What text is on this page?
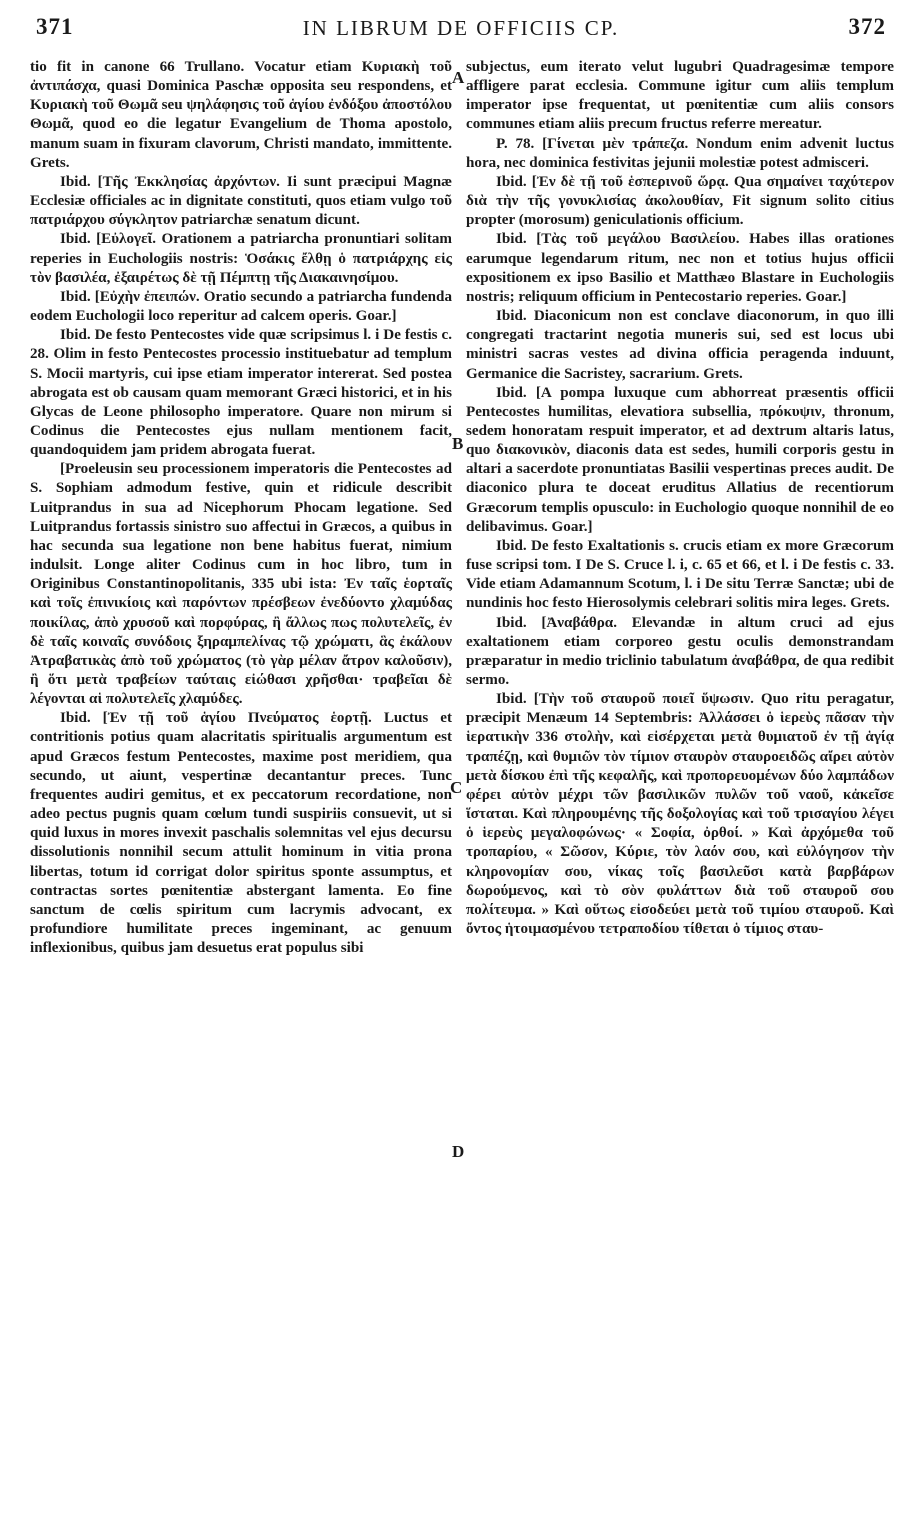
371	IN LIBRUM DE OFFICIIS CP.	372

tio fit in canone 66 Trullano. Vocatur etiam Κυριακὴ τοῦ ἀντιπάσχα, quasi Dominica Paschæ opposita seu respondens, et Κυριακὴ τοῦ Θωμᾶ seu ψηλάφησις τοῦ ἁγίου ἐνδόξου ἀποστόλου Θωμᾶ, quod eo die legatur Evangelium de Thoma apostolo, manum suam in fixuram clavorum, Christi mandato, immittente. Grets.

Ibid. [Τῆς Ἐκκλησίας ἀρχόντων. Ii sunt præcipui Magnæ Ecclesiæ officiales ac in dignitate constituti, quos etiam vulgo τοῦ πατριάρχου σύγκλητον patriarchæ senatum dicunt.

Ibid. [Εὐλογεῖ. Orationem a patriarcha pronuntiari solitam reperies in Euchologiis nostris: Ὁσάκις ἔλθῃ ὁ πατριάρχης εἰς τὸν βασιλέα, ἐξαιρέτως δὲ τῇ Πέμπτῃ τῆς Διακαινησίμου.

Ibid. [Εὐχὴν ἐπειπών. Oratio secundo a patriarcha fundenda eodem Euchologii loco reperitur ad calcem operis. Goar.]

Ibid. De festo Pentecostes vide quæ scripsimus l. i De festis c. 28. Olim in festo Pentecostes processio instituebatur ad templum S. Mocii martyris, cui ipse etiam imperator intererat. Sed postea abrogata est ob causam quam memorant Græci historici, et in his Glycas de Leone philosopho imperatore. Quare non mirum si Codinus die Pentecostes ejus nullam mentionem facit, quandoquidem jam pridem abrogata fuerat.

[Proeleusin seu processionem imperatoris die Pentecostes ad S. Sophiam admodum festive, quin et ridicule describit Luitprandus in sua ad Nicephorum Phocam legatione. Sed Luitprandus fortassis sinistro suo affectui in Græcos, a quibus in hac secunda sua legatione non bene habitus fuerat, nimium indulsit. Longe aliter Codinus cum in hoc libro, tum in Originibus Constantinopolitanis, 335 ubi ista: Ἐν ταῖς ἑορταῖς καὶ τοῖς ἐπινικίοις καὶ παρόντων πρέσβεων ἐνεδύοντο χλαμύδας ποικίλας, ἀπὸ χρυσοῦ καὶ πορφύρας, ἢ ἄλλως πως πολυτελεῖς, ἐν δὲ ταῖς κοιναῖς συνόδοις ξηραμπελίνας τῷ χρώματι, ἃς ἐκάλουν Ἀτραβατικὰς ἀπὸ τοῦ χρώματος (τὸ γὰρ μέλαν ἄτρον καλοῦσιν), ἢ ὅτι μετὰ τραβείων ταύταις εἰώθασι χρῆσθαι· τραβεῖαι δὲ λέγονται αἱ πολυτελεῖς χλαμύδες.

Ibid. [Ἐν τῇ τοῦ ἁγίου Πνεύματος ἑορτῇ. Luctus et contritionis potius quam alacritatis spiritualis argumentum est apud Græcos festum Pentecostes, maxime post meridiem, qua secundo, ut aiunt, vespertinæ decantantur preces. Tunc frequentes audiri gemitus, et ex peccatorum recordatione, non adeo pectus pugnis quam cœlum tundi suspiriis consuevit, ut si quid luxus in mores invexit paschalis solemnitas vel ejus decursu dissolutionis nonnihil secum attulit hominum in vitia prona libertas, totum id corrigat dolor spiritus sponte assumptus, et contractas sortes pœnitentiæ abstergant lamenta. Eo fine sanctum de cœlis spiritum cum lacrymis advocant, ex profundiore humilitate preces ingeminant, ac genuum inflexionibus, quibus jam desuetus erat populus sibi

subjectus, eum iterato velut lugubri Quadragesimæ tempore affligere parat ecclesia. Commune igitur cum aliis templum imperator ipse frequentat, ut pœnitentiæ cum aliis consors communes etiam aliis precum fructus referre mereatur.

P. 78. [Γίνεται μὲν τράπεζα. Nondum enim advenit luctus hora, nec dominica festivitas jejunii molestiæ potest admisceri.

Ibid. [Ἐν δὲ τῇ τοῦ ἑσπερινοῦ ὥρᾳ. Qua σημαίνει ταχύτερον διὰ τὴν τῆς γονυκλισίας ἀκολουθίαν, Fit signum solito citius propter (morosum) geniculationis officium.

Ibid. [Τὰς τοῦ μεγάλου Βασιλείου. Habes illas orationes earumque legendarum ritum, nec non et totius hujus officii expositionem ex ipso Basilio et Matthæo Blastare in Euchologiis nostris; reliquum officium in Pentecostario reperies. Goar.]

Ibid. Diaconicum non est conclave diaconorum, in quo illi congregati tractarint negotia muneris sui, sed est locus ubi ministri sacras vestes ad divina officia peragenda induunt, Germanice die Sacristey, sacrarium. Grets.

Ibid. [A pompa luxuque cum abhorreat præsentis officii Pentecostes humilitas, elevatiora subsellia, πρόκυψιν, thronum, sedem honoratam respuit imperator, et ad dextrum altaris latus, quo διακονικὸν, diaconis data est sedes, humili corporis gestu in altari a sacerdote pronuntiatas Basilii vespertinas preces audit. De diaconico plura te doceat eruditus Allatius de recentiorum Græcorum templis opusculo: in Euchologio quoque nonnihil de eo delibavimus. Goar.]

Ibid. De festo Exaltationis s. crucis etiam ex more Græcorum fuse scripsi tom. I De S. Cruce l. i, c. 65 et 66, et l. i De festis c. 33. Vide etiam Adamannum Scotum, l. i De situ Terræ Sanctæ; ubi de nundinis hoc festo Hierosolymis celebrari solitis mira leges. Grets.

Ibid. [Ἀναβάθρα. Elevandæ in altum cruci ad ejus exaltationem etiam corporeo gestu oculis demonstrandam præparatur in medio triclinio tabulatum ἀναβάθρα, de qua redibit sermo.

Ibid. [Τὴν τοῦ σταυροῦ ποιεῖ ὕψωσιν. Quo ritu peragatur, præcipit Menæum 14 Septembris: Ἀλλάσσει ὁ ἱερεὺς πᾶσαν τὴν ἱερατικὴν 336 στολὴν, καὶ εἰσέρχεται μετὰ θυμιατοῦ ἐν τῇ ἁγίᾳ τραπέζῃ, καὶ θυμιῶν τὸν τίμιον σταυρὸν σταυροειδῶς αἴρει αὐτὸν μετὰ δίσκου ἐπὶ τῆς κεφαλῆς, καὶ προπορευομένων δύο λαμπάδων φέρει αὐτὸν μέχρι τῶν βασιλικῶν πυλῶν τοῦ ναοῦ, κἀκεῖσε ἵσταται. Καὶ πληρουμένης τῆς δοξολογίας καὶ τοῦ τρισαγίου λέγει ὁ ἱερεὺς μεγαλοφώνως· « Σοφία, ὀρθοί. » Καὶ ἀρχόμεθα τοῦ τροπαρίου, « Σῶσον, Κύριε, τὸν λαόν σου, καὶ εὐλόγησον τὴν κληρονομίαν σου, νίκας τοῖς βασιλεῦσι κατὰ βαρβάρων δωρούμενος, καὶ τὸ σὸν φυλάττων διὰ τοῦ σταυροῦ σου πολίτευμα. » Καὶ οὕτως εἰσοδεύει μετὰ τοῦ τιμίου σταυροῦ. Καὶ ὄντος ἡτοιμασμένου τετραποδίου τίθεται ὁ τίμιος σταυ-

A
B
C
D
